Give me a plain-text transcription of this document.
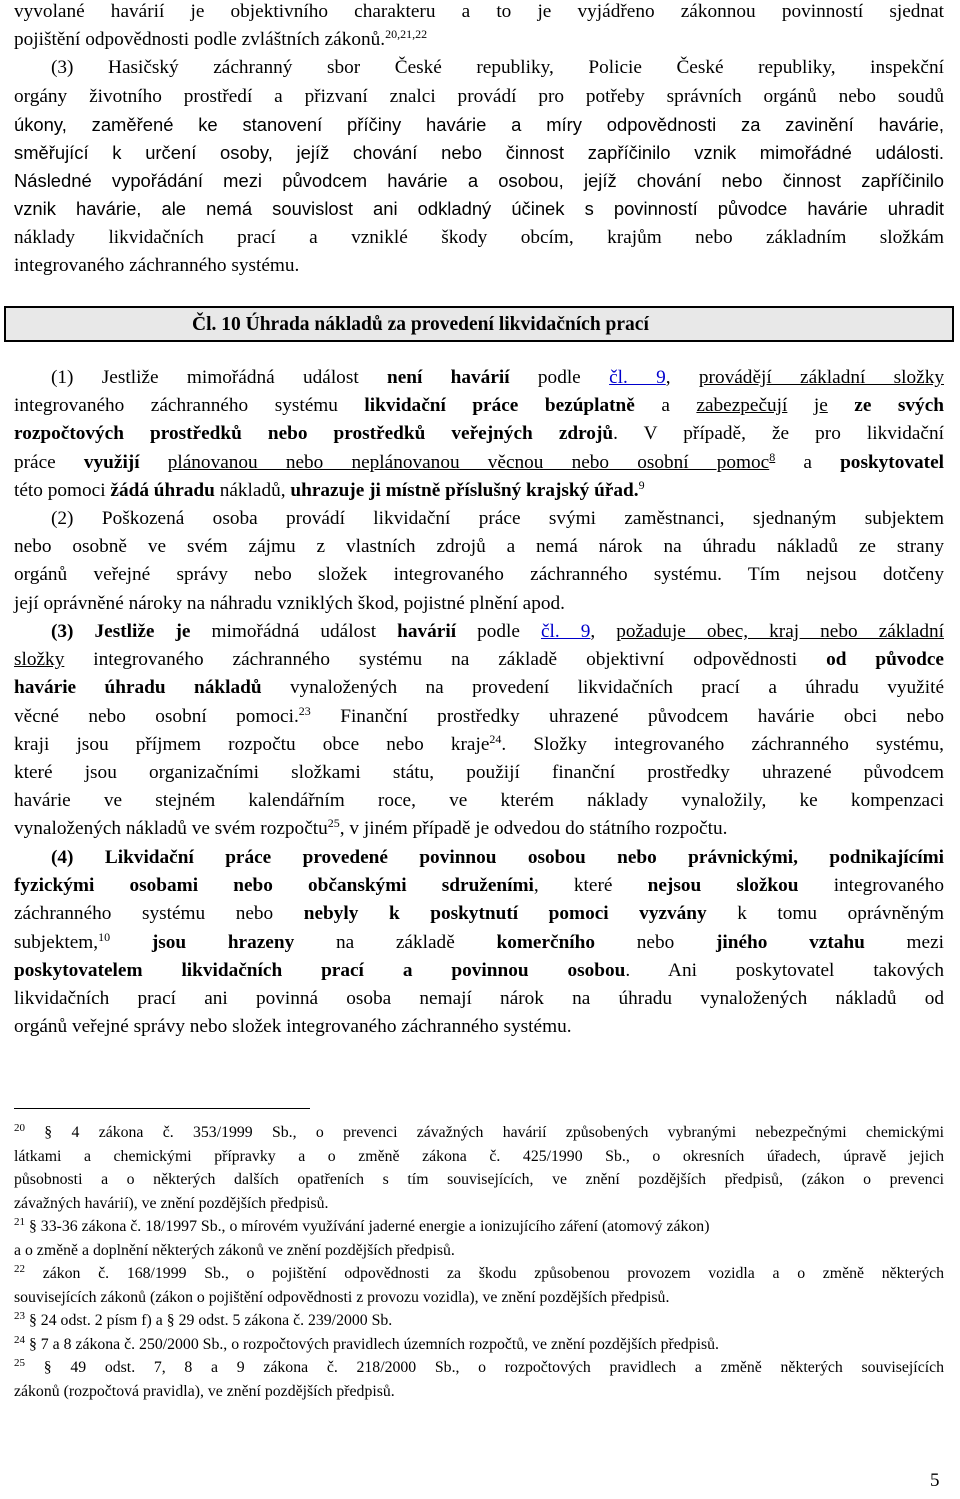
vyvolané havárií je objektivního charakteru a to je vyjádřeno zákonnou povinností sjednat
pojištění odpovědnosti podle zvláštních zákonů.$^{20,21,22}$
(3) Hasičský záchranný sbor České republiky, Policie České republiky, inspekční
orgány životního prostředí a přizvaní znalci provádí pro potřeby správních orgánů nebo soudů
úkony, zaměřené ke stanovení příčiny havárie a míry odpovědnosti za zavinění havárie,
směřující k určení osoby, jejíž chování nebo činnost zapříčinilo vznik mimořádné události.
Následné vypořádání mezi původcem havárie a osobou, jejíž chování nebo činnost zapříčinilo
vznik havárie, ale nemá souvislost ani odkladný účinek s povinností původce havárie uhradit
náklady likvidačních prací a vzniklé škody obcím, krajům nebo základním složkám
integrovaného záchranného systému.
Čl. 10 Úhrada nákladů za provedení likvidačních prací
(1) Jestliže mimořádná událost není havárií podle čl. 9, provádějí základní složky
integrovaného záchranného systému likvidační práce bezúplatně a zabezpečují je ze svých
rozpočtových prostředků nebo prostředků veřejných zdrojů. V případě, že pro likvidační
práce využijí plánovanou nebo neplánovanou věcnou nebo osobní pomoc$^8$ a poskytovatel
této pomoci žádá úhradu nákladů, uhrazuje ji místně příslušný krajský úřad.$^9$
(2) Poškozená osoba provádí likvidační práce svými zaměstnanci, sjednaným subjektem
nebo osobně ve svém zájmu z vlastních zdrojů a nemá nárok na úhradu nákladů ze strany
orgánů veřejné správy nebo složek integrovaného záchranného systému. Tím nejsou dotčeny
její oprávněné nároky na náhradu vzniklých škod, pojistné plnění apod.
(3) Jestliže je mimořádná událost havárií podle čl. 9, požaduje obec, kraj nebo základní
složky integrovaného záchranného systému na základě objektivní odpovědnosti od původce
havárie úhradu nákladů vynaložených na provedení likvidačních prací a úhradu využité
věcné nebo osobní pomoci.$^{23}$ Finanční prostředky uhrazené původcem havárie obci nebo
kraji jsou příjmem rozpočtu obce nebo kraje$^{24}$. Složky integrovaného záchranného systému,
které jsou organizačními složkami státu, použijí finanční prostředky uhrazené původcem
havárie ve stejném kalendářním roce, ve kterém náklady vynaložily, ke kompenzaci
vynaložených nákladů ve svém rozpočtu$^{25}$, v jiném případě je odvedou do státního rozpočtu.
(4) Likvidační práce provedené povinnou osobou nebo právnickými, podnikajícími
fyzickými osobami nebo občanskými sdruženími, které nejsou složkou integrovaného
záchranného systému nebo nebyly k poskytnutí pomoci vyzvány k tomu oprávněným
subjektem,$^{10}$ jsou hrazeny na základě komerčního nebo jiného vztahu mezi
poskytovatelem likvidačních prací a povinnou osobou. Ani poskytovatel takových
likvidačních prací ani povinná osoba nemají nárok na úhradu vynaložených nákladů od
orgánů veřejné správy nebo složek integrovaného záchranného systému.
$^{20}$ § 4 zákona č. 353/1999 Sb., o prevenci závažných havárií způsobených vybranými nebezpečnými chemickými
látkami a chemickými přípravky a o změně zákona č. 425/1990 Sb., o okresních úřadech, úpravě jejich
působnosti a o některých dalších opatřeních s tím souvisejících, ve znění pozdějších předpisů, (zákon o prevenci
závažných havárií), ve znění pozdějších předpisů.
$^{21}$ § 33-36 zákona č. 18/1997 Sb., o mírovém využívání jaderné energie a ionizujícího záření (atomový zákon)
a o změně a doplnění některých zákonů ve znění pozdějších předpisů.
$^{22}$ zákon č. 168/1999 Sb., o pojištění odpovědnosti za škodu způsobenou provozem vozidla a o změně některých
souvisejících zákonů (zákon o pojištění odpovědnosti z provozu vozidla), ve znění pozdějších předpisů.
$^{23}$ § 24 odst. 2 písm f) a § 29 odst. 5 zákona č. 239/2000 Sb.
$^{24}$ § 7 a 8 zákona č. 250/2000 Sb., o rozpočtových pravidlech územních rozpočtů, ve znění pozdějších předpisů.
$^{25}$ § 49 odst. 7, 8 a 9 zákona č. 218/2000 Sb., o rozpočtových pravidlech a změně některých souvisejících
zákonů (rozpočtová pravidla), ve znění pozdějších předpisů.
5
